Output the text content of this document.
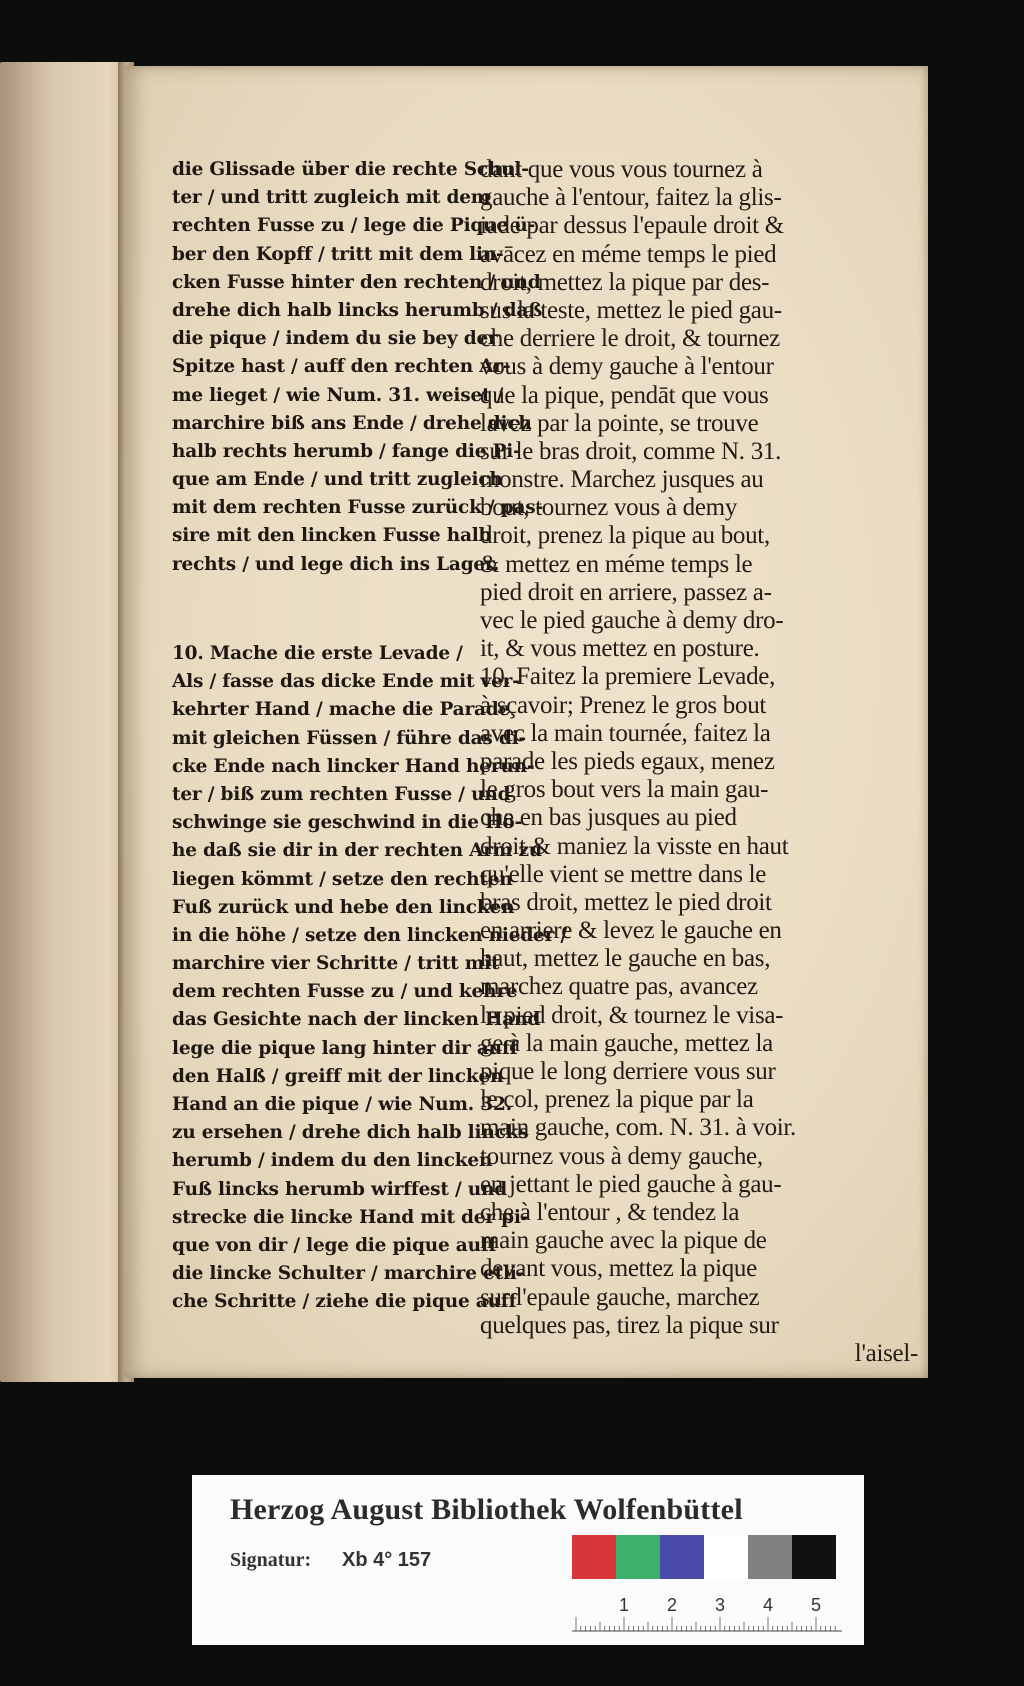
die Glissade über die rechte Schul-
ter / und tritt zugleich mit dem
rechten Fusse zu / lege die Pique ü-
ber den Kopff / tritt mit dem lin-
cken Fusse hinter den rechten / und
drehe dich halb lincks herumb / daß
die pique / indem du sie bey der
Spitze hast / auff den rechten Ar-
me lieget / wie Num. 31. weiset /
marchire biß ans Ende / drehe dich
halb rechts herumb / fange die Pi-
que am Ende / und tritt zugleich
mit dem rechten Fusse zurück / pas-
sire mit den lincken Fusse halb
rechts / und lege dich ins Lager.
10. Mache die erste Levade /
Als / fasse das dicke Ende mit ver-
kehrter Hand / mache die Parade
mit gleichen Füssen / führe das di-
cke Ende nach lincker Hand herun-
ter / biß zum rechten Fusse / und
schwinge sie geschwind in die Hö-
he daß sie dir in der rechten Arm zu
liegen kömmt / setze den rechten
Fuß zurück und hebe den lincken
in die höhe / setze den lincken nieder /
marchire vier Schritte / tritt mit
dem rechten Fusse zu / und kehre
das Gesichte nach der lincken Hand
lege die pique lang hinter dir auff
den Halß / greiff mit der lincken
Hand an die pique / wie Num. 32.
zu ersehen / drehe dich halb lincks
herumb / indem du den lincken
Fuß lincks herumb wirffest / und
strecke die lincke Hand mit der pi-
que von dir / lege die pique auff
die lincke Schulter / marchire etli-
che Schritte / ziehe die pique auff
dant que vous vous tournez à
gauche à l'entour, faitez la glis-
iade par dessus l'epaule droit &
avācez en méme temps le pied
droit, mettez la pique par des-
sus la teste, mettez le pied gau-
che derriere le droit, & tournez
vous à demy gauche à l'entour
que la pique, pendāt que vous
lavez par la pointe, se trouve
sur le bras droit, comme N. 31.
monstre. Marchez jusques au
bout, tournez vous à demy
droit, prenez la pique au bout,
& mettez en méme temps le
pied droit en arriere, passez a-
vec le pied gauche à demy dro-
it, & vous mettez en posture.
10. Faitez la premiere Levade,
à sçavoir; Prenez le gros bout
avec la main tournée, faitez la
parade les pieds egaux, menez
le gros bout vers la main gau-
che en bas jusques au pied
droit & maniez la visste en haut
qu'elle vient se mettre dans le
bras droit, mettez le pied droit
en arriere & levez le gauche en
haut, mettez le gauche en bas,
marchez quatre pas, avancez
le pied droit, & tournez le visa-
ge à la main gauche, mettez la
pique le long derriere vous sur
le col, prenez la pique par la
main gauche, com. N. 31. à voir.
tournez vous à demy gauche,
en jettant le pied gauche à gau-
che à l'entour , & tendez la
main gauche avec la pique de
devant vous, mettez la pique
sur l'epaule gauche, marchez
quelques pas, tirez la pique sur
l'aisel-
Herzog August Bibliothek Wolfenbüttel
Signatur: Xb 4° 157
1 2 3 4 5
